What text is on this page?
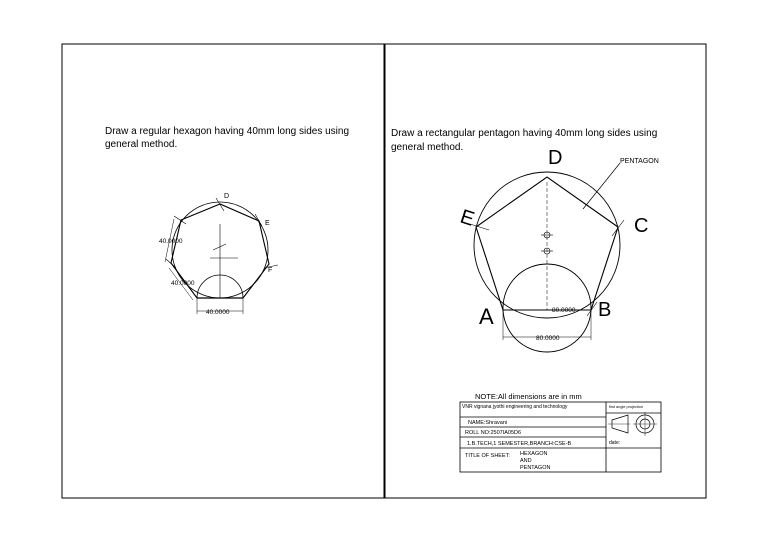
Draw a regular hexagon having 40mm long sides using
general method.
D
E
F
40.0000
40.0000
40.0000
Draw a rectangular pentagon having 40mm long sides using
general method.
A	B
C
D
E
PENTAGON
80.0000
80.0000
NOTE:All dimensions are in mm
VNR vignana jyothi engineering and technology	first angle projection
NAME:Shravani
ROLL NO:2507IA05D6
1.B.TECH,1 SEMESTER,BRANCH:CSE-B	date:
TITLE OF SHEET: HEXAGON
AND
PENTAGON
